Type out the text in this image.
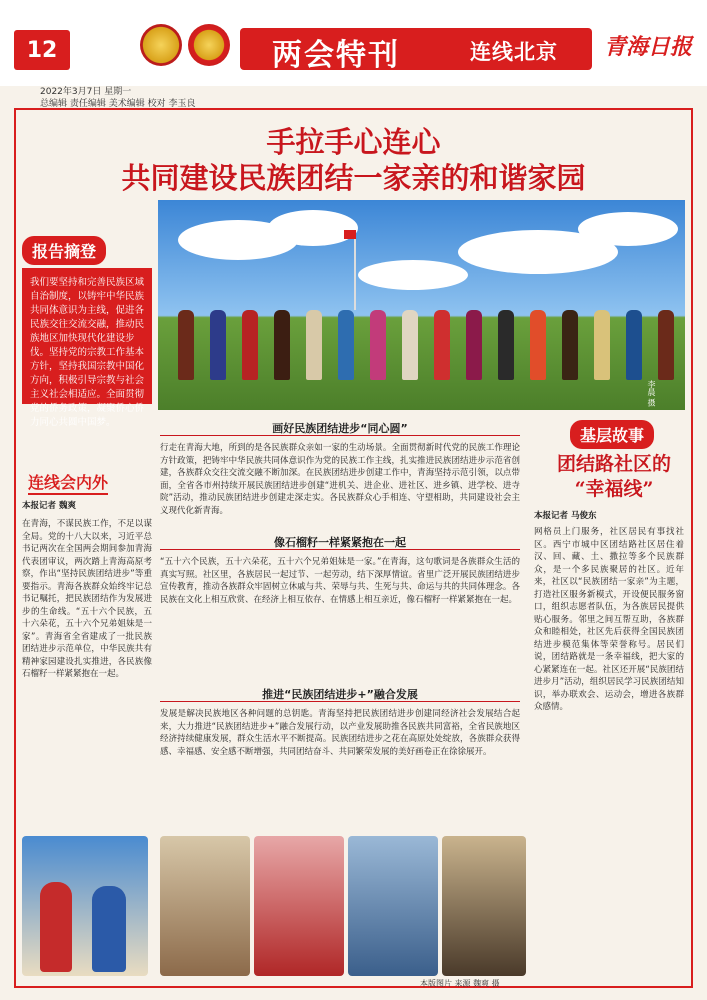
12	两会特刊	连线北京 青海日报
2022年3月7日 星期一
总编辑 责任编辑 美术编辑 校对 李玉良
手拉手心连心
共同建设民族团结一家亲的和谐家园
李晨 摄
报告摘登
我们要坚持和完善民族区域自治制度，以铸牢中华民族共同体意识为主线，促进各民族交往交流交融，推动民族地区加快现代化建设步伐。坚持党的宗教工作基本方针，坚持我国宗教中国化方向，积极引导宗教与社会主义社会相适应。全面贯彻党的侨务政策，凝聚侨心侨力同心共圆中国梦。
连线会内外
本报记者 魏爽
在青海，不谋民族工作，不足以谋全局。党的十八大以来，习近平总书记两次在全国两会期间参加青海代表团审议，两次踏上青海高原考察，作出“坚持民族团结进步”等重要指示。青海各族群众始终牢记总书记嘱托，把民族团结作为发展进步的生命线。“五十六个民族，五十六朵花，五十六个兄弟姐妹是一家”。青海省全省建成了一批民族团结进步示范单位，中华民族共有精神家园建设扎实推进，各民族像石榴籽一样紧紧抱在一起。
画好民族团结进步“同心圆”
行走在青海大地，所到的是各民族群众亲如一家的生动场景。全面贯彻新时代党的民族工作理论方针政策，把铸牢中华民族共同体意识作为党的民族工作主线，扎实推进民族团结进步示范省创建，各族群众交往交流交融不断加深。在民族团结进步创建工作中，青海坚持示范引领，以点带面，全省各市州持续开展民族团结进步创建“进机关、进企业、进社区、进乡镇、进学校、进寺院”活动，推动民族团结进步创建走深走实。各民族群众心手相连、守望相助，共同建设社会主义现代化新青海。
像石榴籽一样紧紧抱在一起
“五十六个民族，五十六朵花，五十六个兄弟姐妹是一家。”在青海，这句歌词是各族群众生活的真实写照。社区里，各族居民一起过节、一起劳动，结下深厚情谊。省里广泛开展民族团结进步宣传教育，推动各族群众牢固树立休戚与共、荣辱与共、生死与共、命运与共的共同体理念。各民族在文化上相互欣赏、在经济上相互依存、在情感上相互亲近，像石榴籽一样紧紧抱在一起。
推进“民族团结进步+”融合发展
发展是解决民族地区各种问题的总钥匙。青海坚持把民族团结进步创建同经济社会发展结合起来，大力推进“民族团结进步+”融合发展行动，以产业发展助推各民族共同富裕，全省民族地区经济持续健康发展，群众生活水平不断提高。民族团结进步之花在高原处处绽放，各族群众获得感、幸福感、安全感不断增强，共同团结奋斗、共同繁荣发展的美好画卷正在徐徐展开。
基层故事
团结路社区的
“幸福线”
本报记者 马俊东
网格员上门服务，社区居民有事找社区。西宁市城中区团结路社区居住着汉、回、藏、土、撒拉等多个民族群众，是一个多民族聚居的社区。近年来，社区以“民族团结一家亲”为主题，打造社区服务新模式，开设便民服务窗口，组织志愿者队伍，为各族居民提供贴心服务。邻里之间互帮互助，各族群众和睦相处，社区先后获得全国民族团结进步模范集体等荣誉称号。居民们说，团结路就是一条幸福线，把大家的心紧紧连在一起。社区还开展“民族团结进步月”活动，组织居民学习民族团结知识，举办联欢会、运动会，增进各族群众感情。
本版图片 来源 魏爽 摄
